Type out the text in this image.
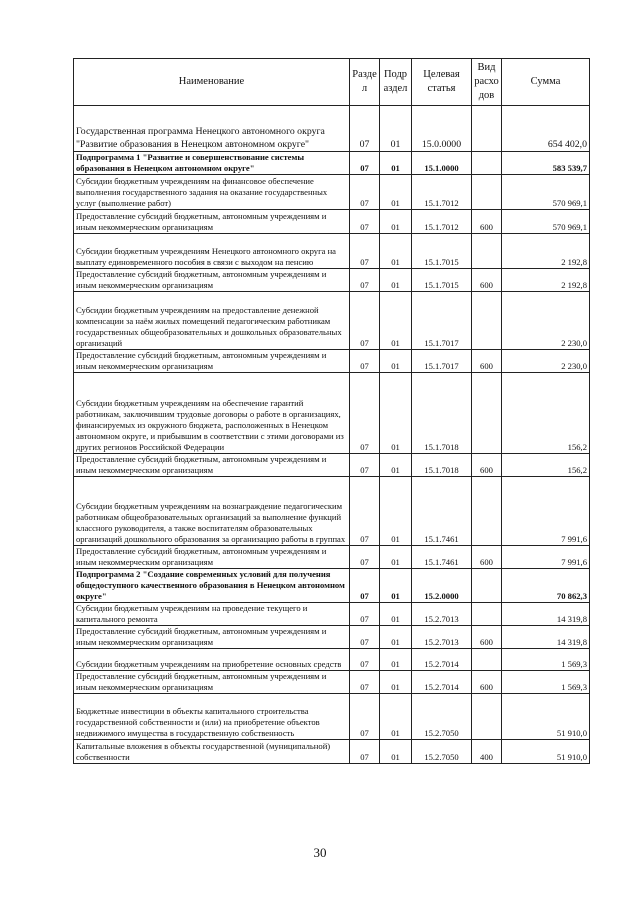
Наименование	Разде л	Подр аздел	Целевая статья	Вид расхо дов	Сумма
Государственная программа Ненецкого автономного округа "Развитие образования в Ненецком автономном округе"	07	01	15.0.0000		654 402,0
Подпрограмма 1 "Развитие и совершенствование системы образования в Ненецком автономном округе"	07	01	15.1.0000		583 539,7
Субсидии бюджетным учреждениям на финансовое обеспечение выполнения государственного задания на оказание государственных услуг (выполнение работ)	07	01	15.1.7012		570 969,1
Предоставление субсидий бюджетным, автономным учреждениям и иным некоммерческим организациям	07	01	15.1.7012	600	570 969,1
Субсидии бюджетным учреждениям Ненецкого автономного округа на выплату единовременного пособия в связи с выходом на пенсию	07	01	15.1.7015		2 192,8
Предоставление субсидий бюджетным, автономным учреждениям и иным некоммерческим организациям	07	01	15.1.7015	600	2 192,8
Субсидии бюджетным учреждениям на предоставление денежной компенсации за наём жилых помещений педагогическим работникам государственных общеобразовательных и дошкольных образовательных организаций	07	01	15.1.7017		2 230,0
Предоставление субсидий бюджетным, автономным учреждениям и иным некоммерческим организациям	07	01	15.1.7017	600	2 230,0
Субсидии бюджетным учреждениям на обеспечение гарантий работникам, заключившим трудовые договоры о работе в организациях, финансируемых из окружного бюджета, расположенных в Ненецком автономном округе, и прибывшим в соответствии с этими договорами из других регионов Российской Федерации	07	01	15.1.7018		156,2
Предоставление субсидий бюджетным, автономным учреждениям и иным некоммерческим организациям	07	01	15.1.7018	600	156,2
Субсидии бюджетным учреждениям на вознаграждение педагогическим работникам общеобразовательных организаций за выполнение функций классного руководителя, а также воспитателям образовательных организаций дошкольного образования за организацию работы в группах	07	01	15.1.7461		7 991,6
Предоставление субсидий бюджетным, автономным учреждениям и иным некоммерческим организациям	07	01	15.1.7461	600	7 991,6
Подпрограмма 2 "Создание современных условий для получения общедоступного качественного образования в Ненецком автономном округе"	07	01	15.2.0000		70 862,3
Субсидии бюджетным учреждениям на проведение текущего и капитального ремонта	07	01	15.2.7013		14 319,8
Предоставление субсидий бюджетным, автономным учреждениям и иным некоммерческим организациям	07	01	15.2.7013	600	14 319,8
Субсидии бюджетным учреждениям на приобретение основных средств	07	01	15.2.7014		1 569,3
Предоставление субсидий бюджетным, автономным учреждениям и иным некоммерческим организациям	07	01	15.2.7014	600	1 569,3
Бюджетные инвестиции в объекты капитального строительства государственной собственности и (или) на приобретение объектов недвижимого имущества в государственную собственность	07	01	15.2.7050		51 910,0
Капитальные вложения в объекты государственной (муниципальной) собственности	07	01	15.2.7050	400	51 910,0
30
